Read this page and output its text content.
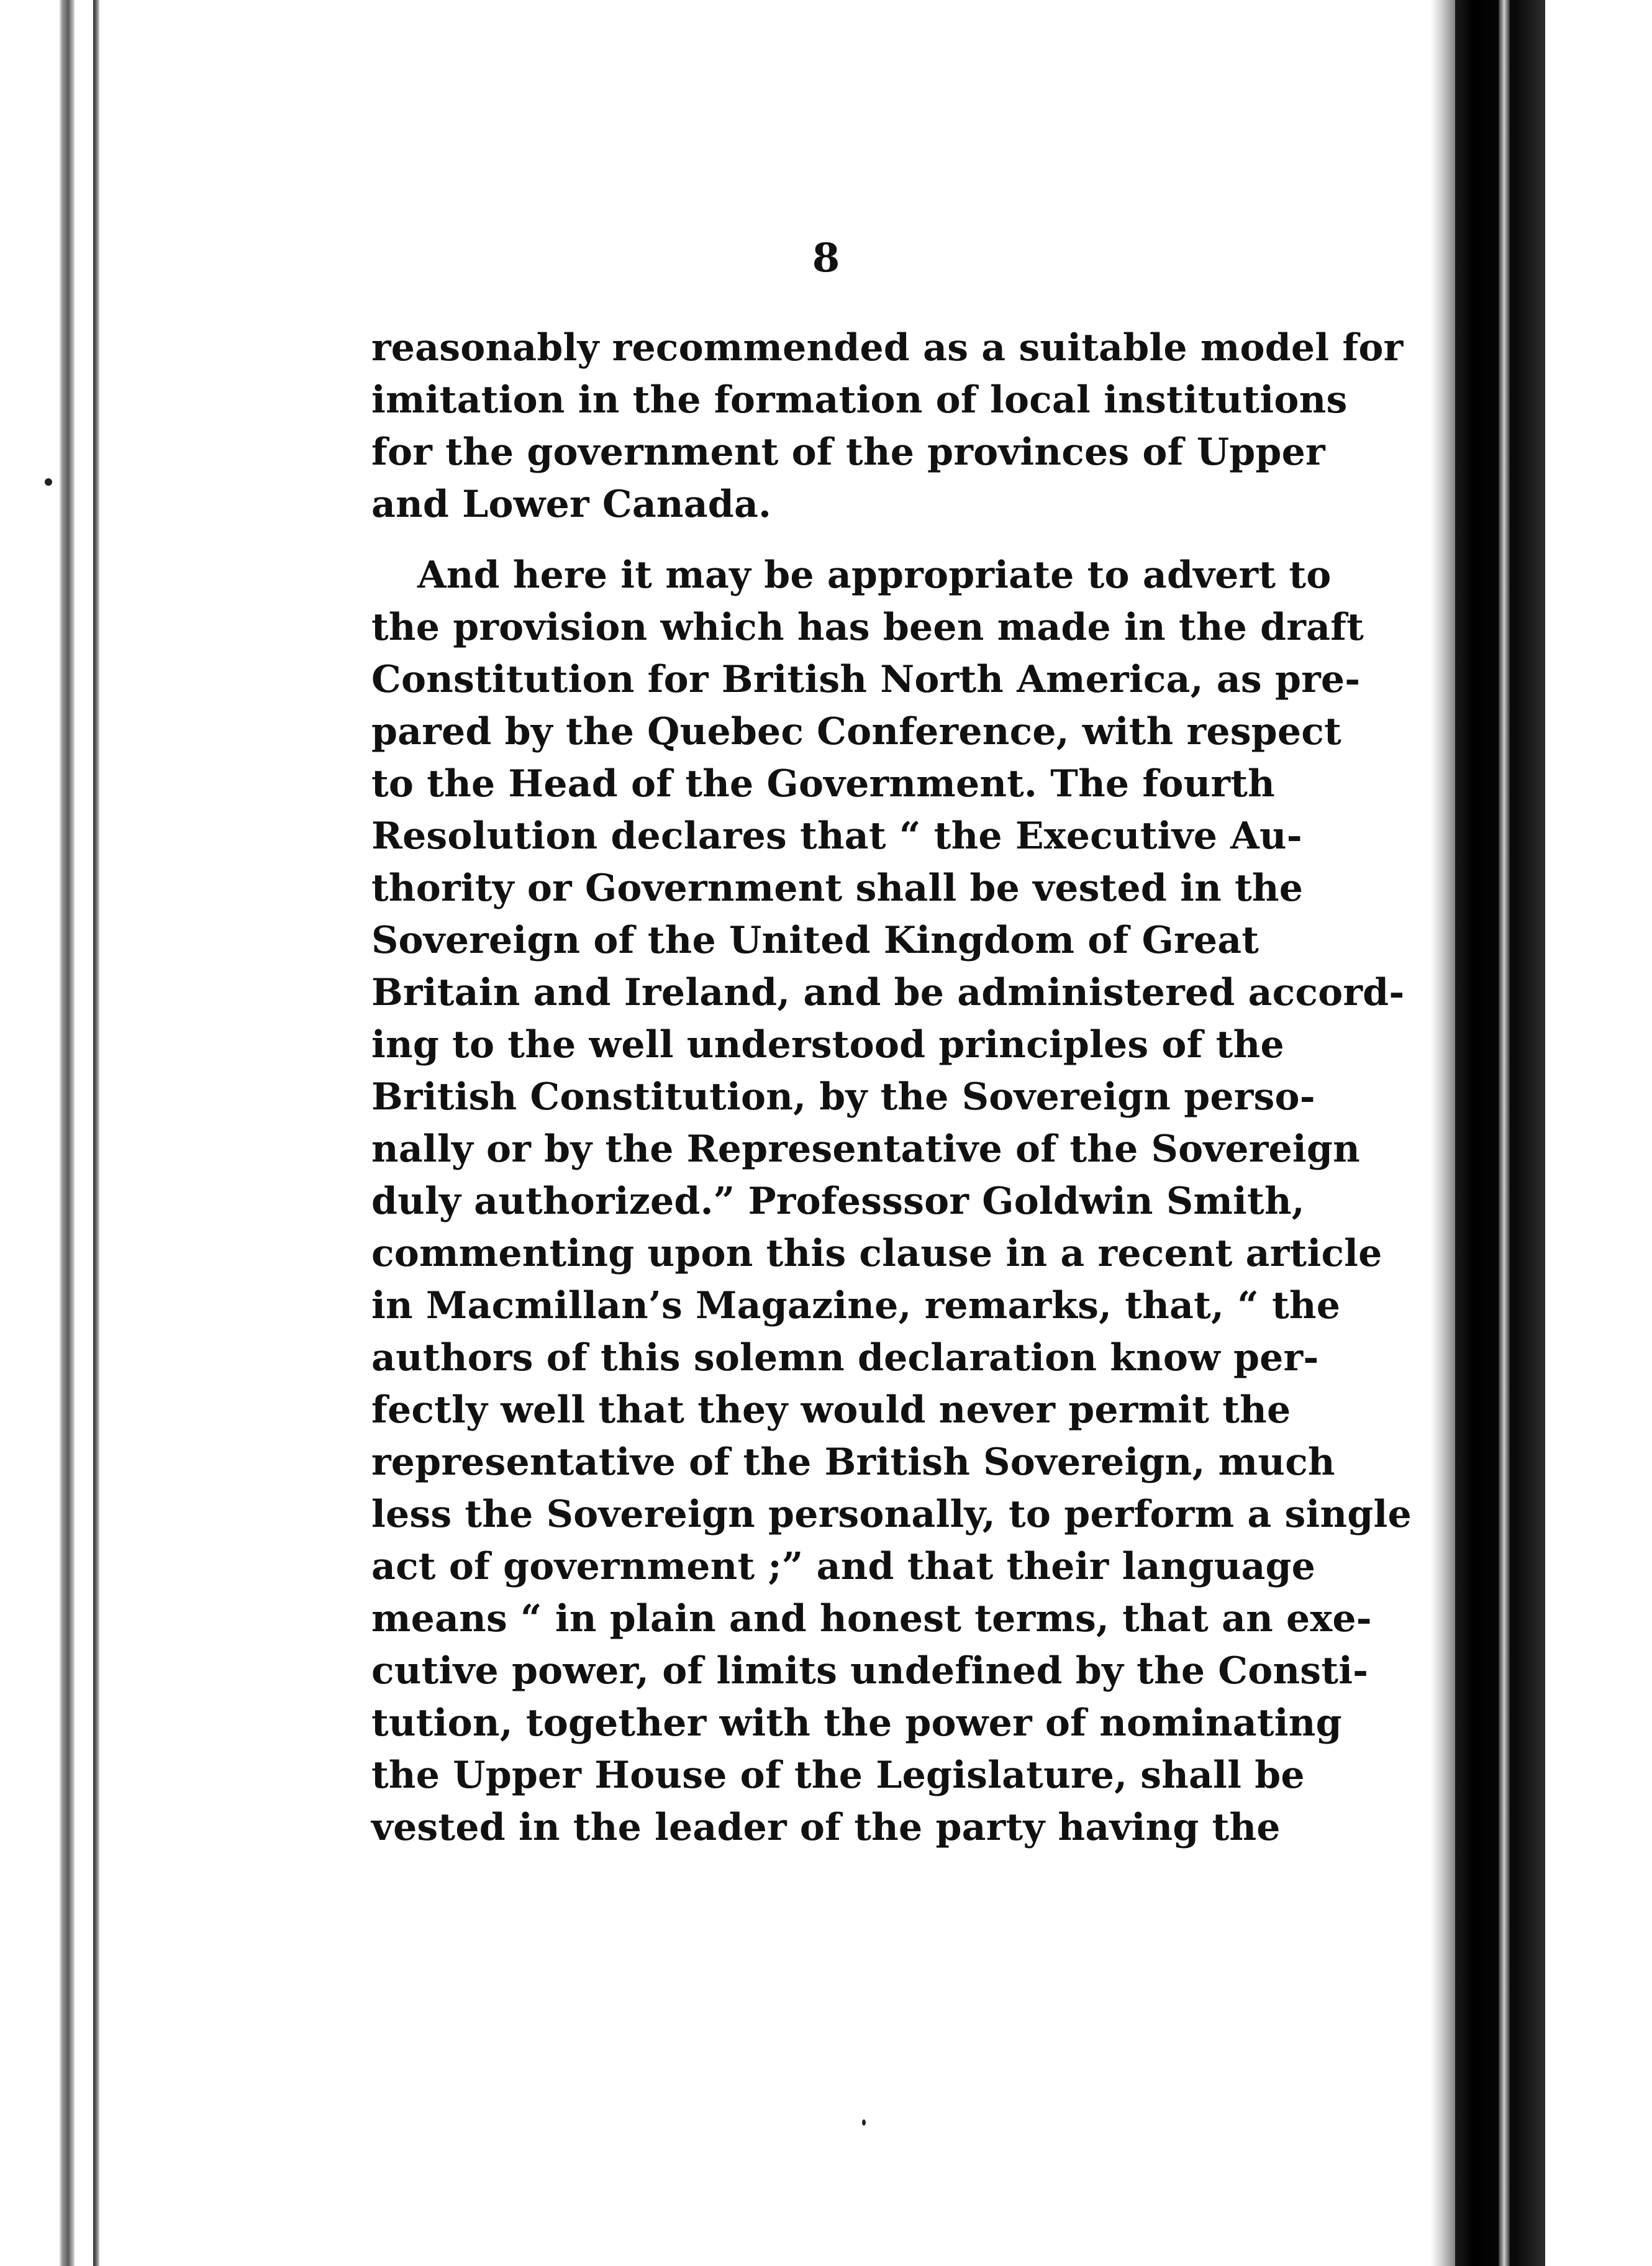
8
reasonably recommended as a suitable model for
imitation in the formation of local institutions
for the government of the provinces of Upper
and Lower Canada.
And here it may be appropriate to advert to
the provision which has been made in the draft
Constitution for British North America, as pre-
pared by the Quebec Conference, with respect
to the Head of the Government. The fourth
Resolution declares that “ the Executive Au-
thority or Government shall be vested in the
Sovereign of the United Kingdom of Great
Britain and Ireland, and be administered accord-
ing to the well understood principles of the
British Constitution, by the Sovereign perso-
nally or by the Representative of the Sovereign
duly authorized.” Professsor Goldwin Smith,
commenting upon this clause in a recent article
in Macmillan’s Magazine, remarks, that, “ the
authors of this solemn declaration know per-
fectly well that they would never permit the
representative of the British Sovereign, much
less the Sovereign personally, to perform a single
act of government ;” and that their language
means “ in plain and honest terms, that an exe-
cutive power, of limits undefined by the Consti-
tution, together with the power of nominating
the Upper House of the Legislature, shall be
vested in the leader of the party having the
